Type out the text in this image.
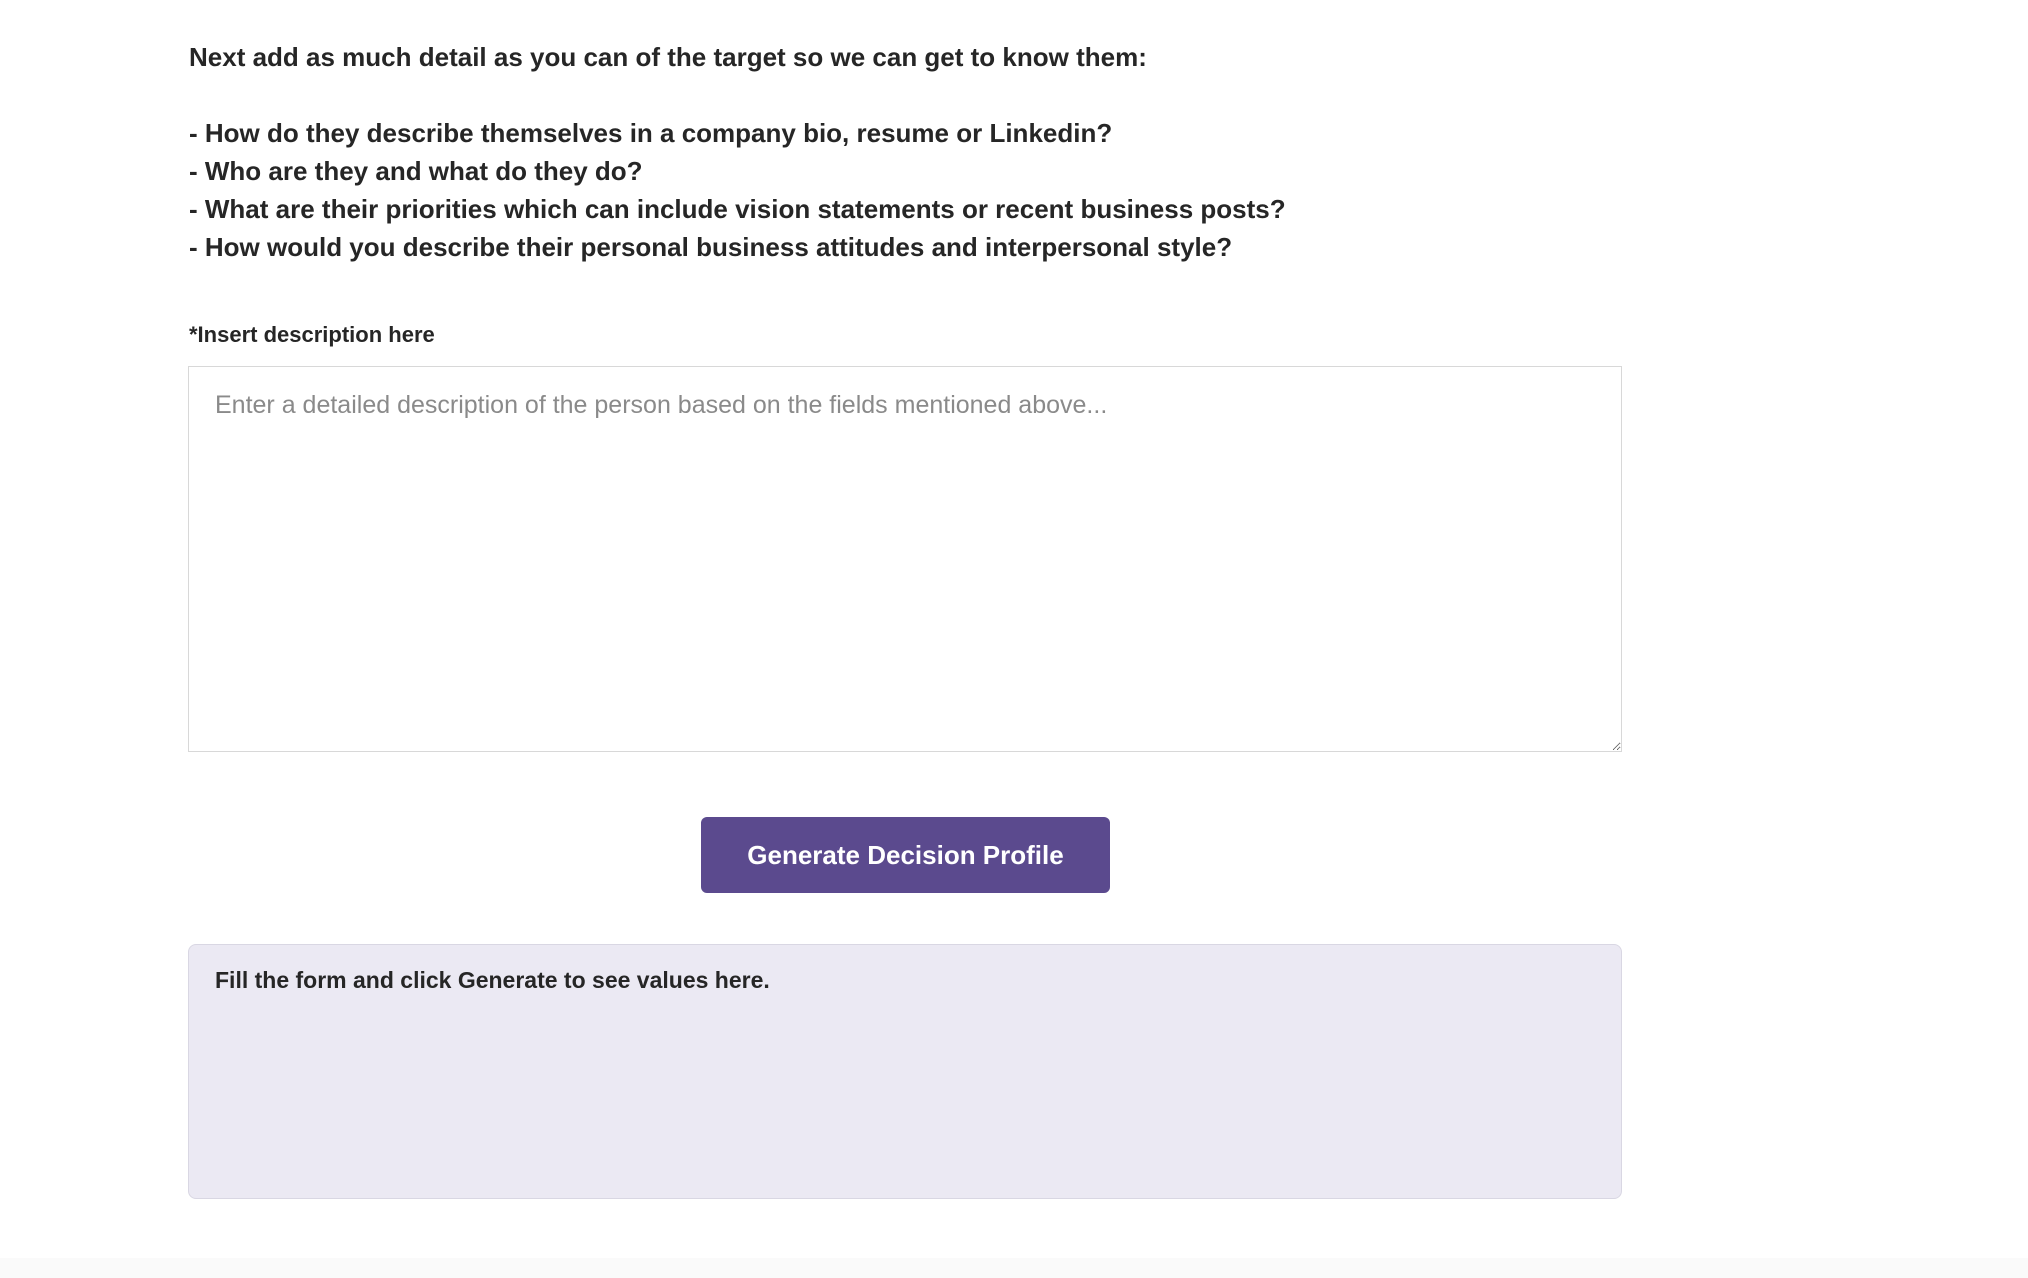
Next add as much detail as you can of the target so we can get to know them:

- How do they describe themselves in a company bio, resume or Linkedin?
- Who are they and what do they do?
- What are their priorities which can include vision statements or recent business posts?
- How would you describe their personal business attitudes and interpersonal style?
*Insert description here
Enter a detailed description of the person based on the fields mentioned above...
Generate Decision Profile
Fill the form and click Generate to see values here.
